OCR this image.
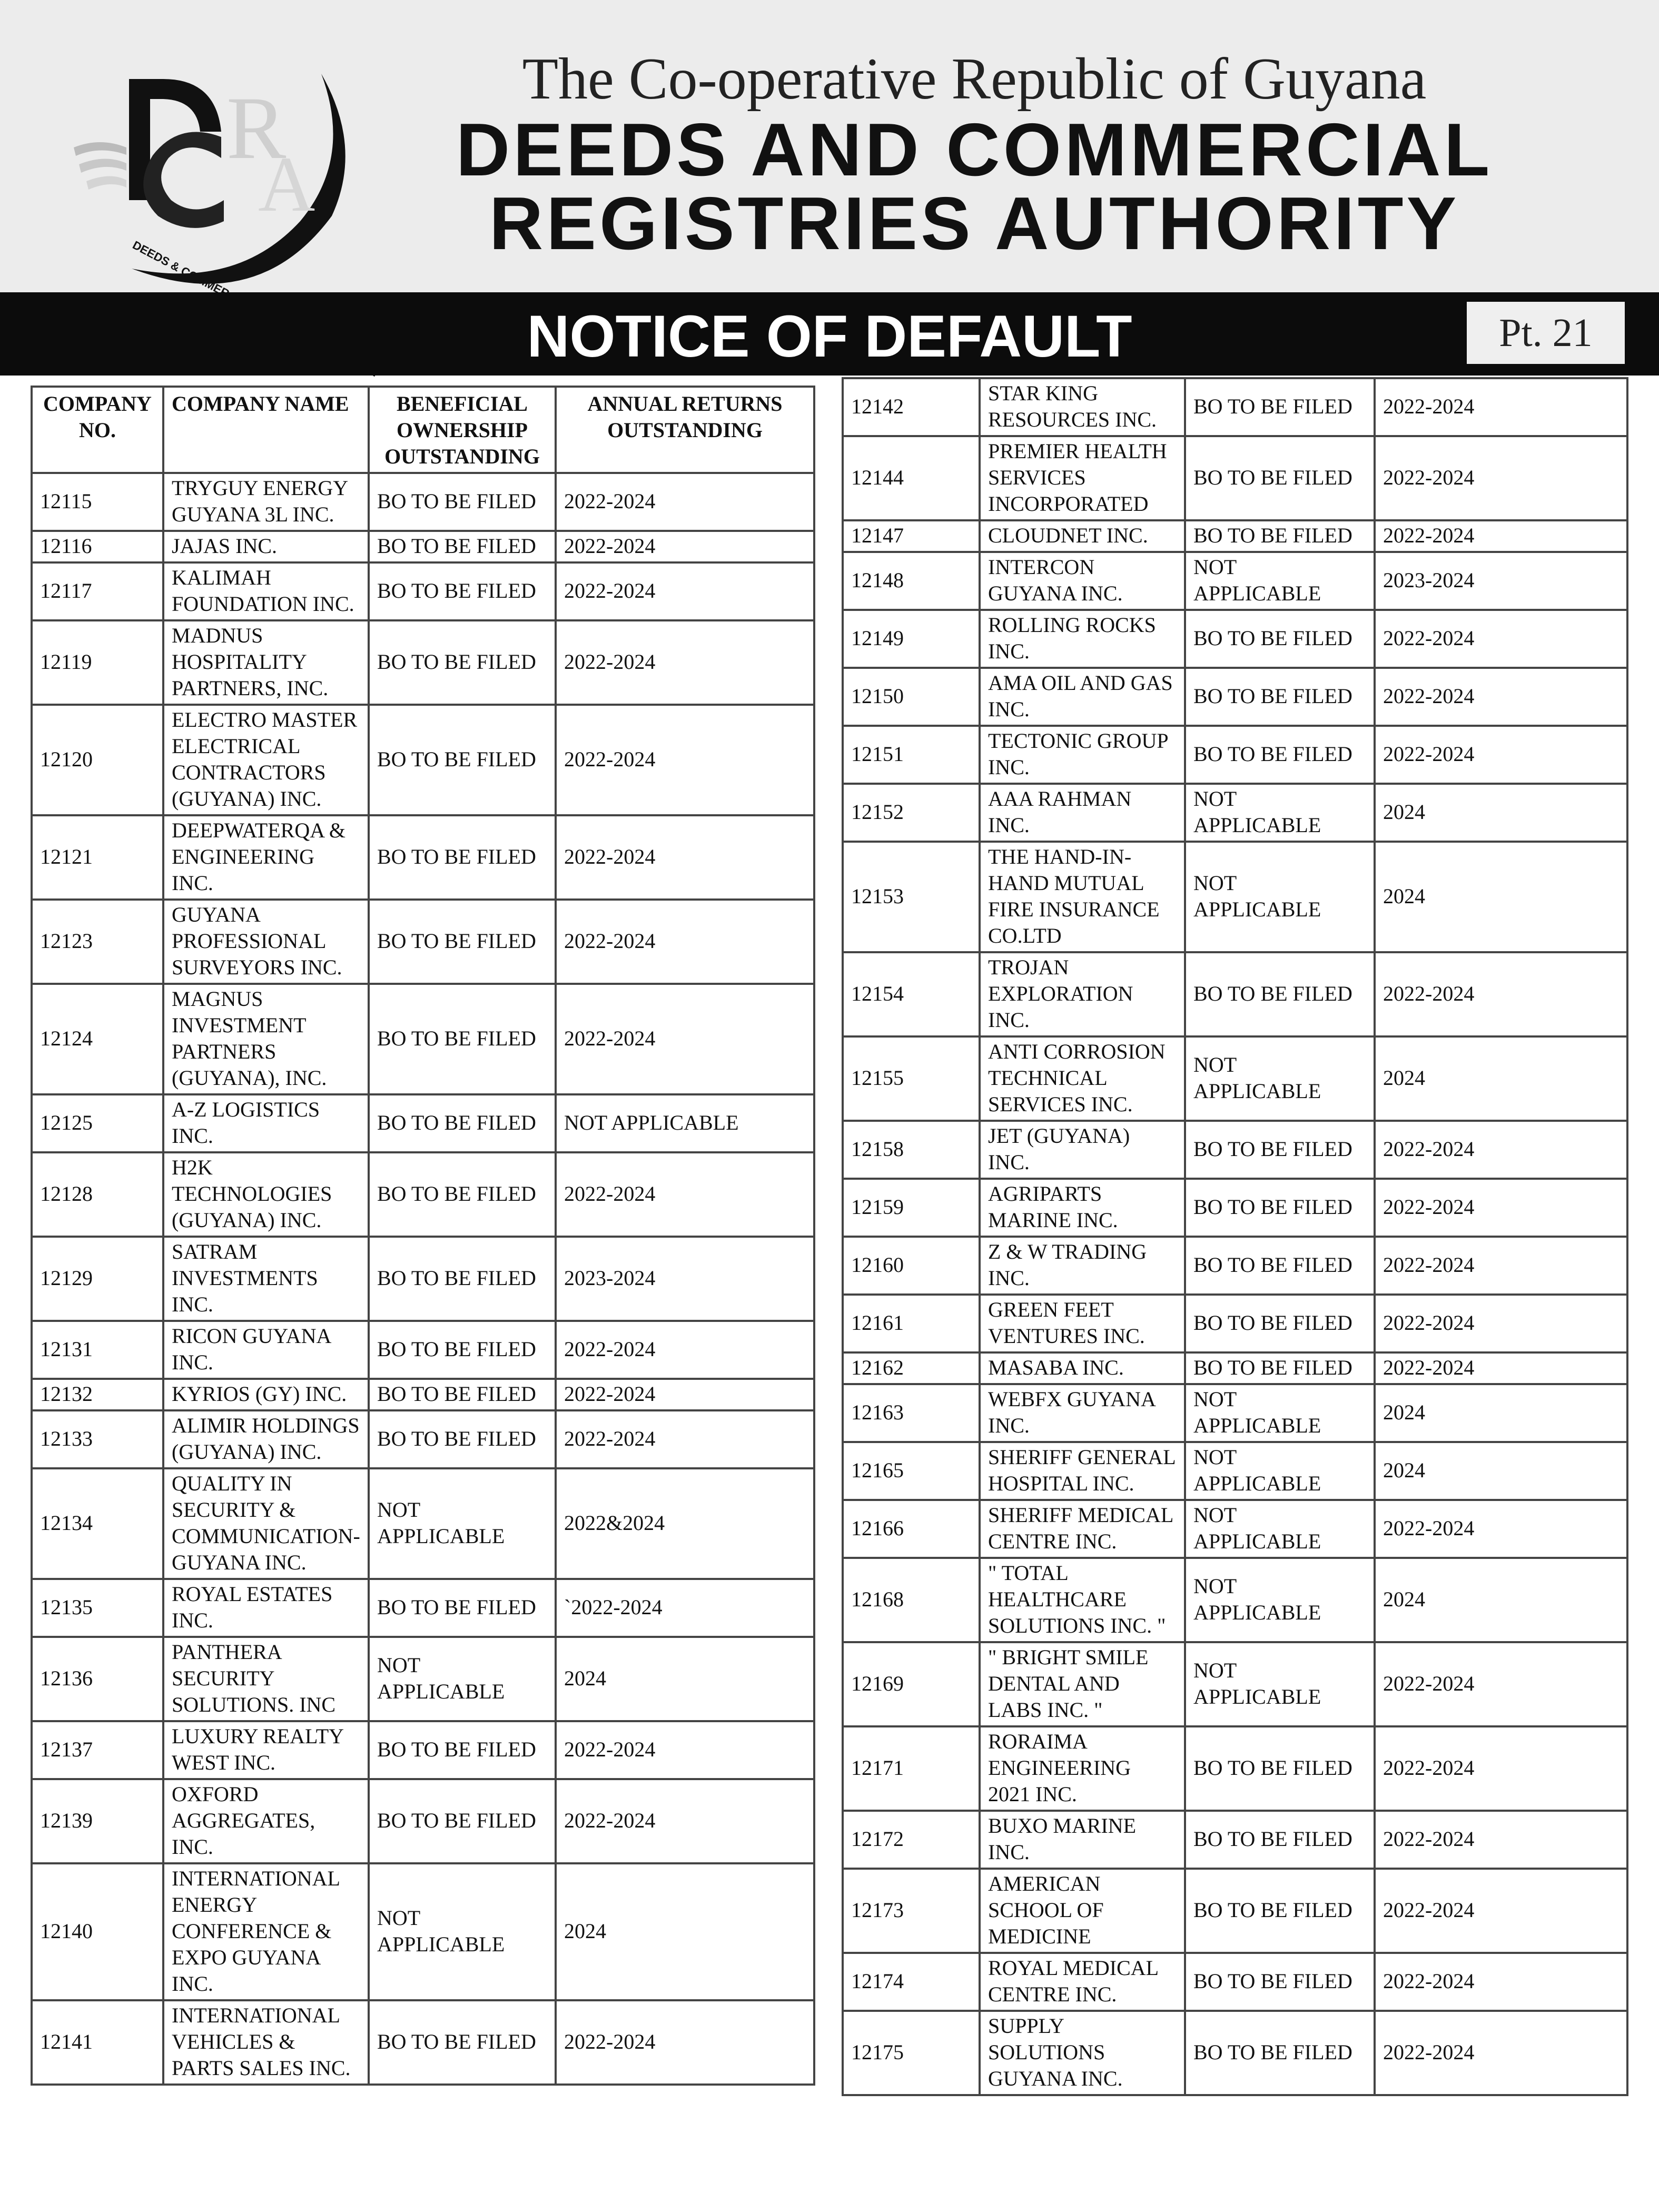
R
A
The Co-operative Republic of Guyana
DEEDS AND COMMERCIAL
REGISTRIES AUTHORITY
NOTICE OF DEFAULT	Pt. 21
COMPANY NO.	COMPANY NAME	BENEFICIAL OWNERSHIP OUTSTANDING	ANNUAL RETURNS OUTSTANDING
12115	TRYGUY ENERGY GUYANA 3L INC.	BO TO BE FILED	2022-2024
12116	JAJAS INC.	BO TO BE FILED	2022-2024
12117	KALIMAH FOUNDATION INC.	BO TO BE FILED	2022-2024
12119	MADNUS HOSPITALITY PARTNERS, INC.	BO TO BE FILED	2022-2024
12120	ELECTRO MASTER ELECTRICAL CONTRACTORS (GUYANA) INC.	BO TO BE FILED	2022-2024
12121	DEEPWATERQA & ENGINEERING INC.	BO TO BE FILED	2022-2024
12123	GUYANA PROFESSIONAL SURVEYORS INC.	BO TO BE FILED	2022-2024
12124	MAGNUS INVESTMENT PARTNERS (GUYANA), INC.	BO TO BE FILED	2022-2024
12125	A-Z LOGISTICS INC.	BO TO BE FILED	NOT APPLICABLE
12128	H2K TECHNOLOGIES (GUYANA) INC.	BO TO BE FILED	2022-2024
12129	SATRAM INVESTMENTS INC.	BO TO BE FILED	2023-2024
12131	RICON GUYANA INC.	BO TO BE FILED	2022-2024
12132	KYRIOS (GY) INC.	BO TO BE FILED	2022-2024
12133	ALIMIR HOLDINGS (GUYANA) INC.	BO TO BE FILED	2022-2024
12134	QUALITY IN SECURITY & COMMUNICATION-GUYANA INC.	NOT APPLICABLE	2022&2024
12135	ROYAL ESTATES INC.	BO TO BE FILED	`2022-2024
12136	PANTHERA SECURITY SOLUTIONS. INC	NOT APPLICABLE	2024
12137	LUXURY REALTY WEST INC.	BO TO BE FILED	2022-2024
12139	OXFORD AGGREGATES, INC.	BO TO BE FILED	2022-2024
12140	INTERNATIONAL ENERGY CONFERENCE & EXPO GUYANA INC.	NOT APPLICABLE	2024
12141	INTERNATIONAL VEHICLES & PARTS SALES INC.	BO TO BE FILED	2022-2024
12142	STAR KING RESOURCES INC.	BO TO BE FILED	2022-2024
12144	PREMIER HEALTH SERVICES INCORPORATED	BO TO BE FILED	2022-2024
12147	CLOUDNET INC.	BO TO BE FILED	2022-2024
12148	INTERCON GUYANA INC.	NOT APPLICABLE	2023-2024
12149	ROLLING ROCKS INC.	BO TO BE FILED	2022-2024
12150	AMA OIL AND GAS INC.	BO TO BE FILED	2022-2024
12151	TECTONIC GROUP INC.	BO TO BE FILED	2022-2024
12152	AAA RAHMAN INC.	NOT APPLICABLE	2024
12153	THE HAND-IN-HAND MUTUAL FIRE INSURANCE CO.LTD	NOT APPLICABLE	2024
12154	TROJAN EXPLORATION INC.	BO TO BE FILED	2022-2024
12155	ANTI CORROSION TECHNICAL SERVICES INC.	NOT APPLICABLE	2024
12158	JET (GUYANA) INC.	BO TO BE FILED	2022-2024
12159	AGRIPARTS MARINE INC.	BO TO BE FILED	2022-2024
12160	Z & W TRADING INC.	BO TO BE FILED	2022-2024
12161	GREEN FEET VENTURES INC.	BO TO BE FILED	2022-2024
12162	MASABA INC.	BO TO BE FILED	2022-2024
12163	WEBFX GUYANA INC.	NOT APPLICABLE	2024
12165	SHERIFF GENERAL HOSPITAL INC.	NOT APPLICABLE	2024
12166	SHERIFF MEDICAL CENTRE INC.	NOT APPLICABLE	2022-2024
12168	" TOTAL HEALTHCARE SOLUTIONS INC. "	NOT APPLICABLE	2024
12169	" BRIGHT SMILE DENTAL AND LABS INC. "	NOT APPLICABLE	2022-2024
12171	RORAIMA ENGINEERING 2021 INC.	BO TO BE FILED	2022-2024
12172	BUXO MARINE INC.	BO TO BE FILED	2022-2024
12173	AMERICAN SCHOOL OF MEDICINE	BO TO BE FILED	2022-2024
12174	ROYAL MEDICAL CENTRE INC.	BO TO BE FILED	2022-2024
12175	SUPPLY SOLUTIONS GUYANA INC.	BO TO BE FILED	2022-2024
